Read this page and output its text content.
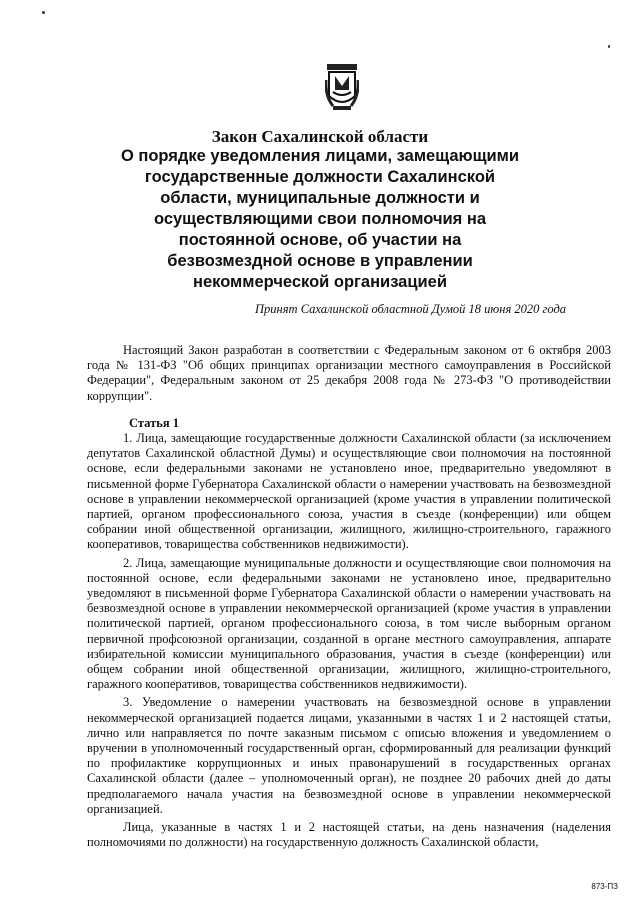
Закон Сахалинской области
О порядке уведомления лицами, замещающими государственные должности Сахалинской области, муниципальные должности и осуществляющими свои полномочия на постоянной основе, об участии на безвозмездной основе в управлении некоммерческой организацией
Принят Сахалинской областной Думой 18 июня 2020 года

Настоящий Закон разработан в соответствии с Федеральным законом от 6 октября 2003 года № 131-ФЗ "Об общих принципах организации местного самоуправления в Российской Федерации", Федеральным законом от 25 декабря 2008 года № 273-ФЗ "О противодействии коррупции".

Статья 1

1. Лица, замещающие государственные должности Сахалинской области (за исключением депутатов Сахалинской областной Думы) и осуществляющие свои полномочия на постоянной основе, если федеральными законами не установлено иное, предварительно уведомляют в письменной форме Губернатора Сахалинской области о намерении участвовать на безвозмездной основе в управлении некоммерческой организацией (кроме участия в управлении политической партией, органом профессионального союза, участия в съезде (конференции) или общем собрании иной общественной организации, жилищного, жилищно-строительного, гаражного кооперативов, товарищества собственников недвижимости).

2. Лица, замещающие муниципальные должности и осуществляющие свои полномочия на постоянной основе, если федеральными законами не установлено иное, предварительно уведомляют в письменной форме Губернатора Сахалинской области о намерении участвовать на безвозмездной основе в управлении некоммерческой организацией (кроме участия в управлении политической партией, органом профессионального союза, в том числе выборным органом первичной профсоюзной организации, созданной в органе местного самоуправления, аппарате избирательной комиссии муниципального образования, участия в съезде (конференции) или общем собрании иной общественной организации, жилищного, жилищно-строительного, гаражного кооперативов, товарищества собственников недвижимости).

3. Уведомление о намерении участвовать на безвозмездной основе в управлении некоммерческой организацией подается лицами, указанными в частях 1 и 2 настоящей статьи, лично или направляется по почте заказным письмом с описью вложения и уведомлением о вручении в уполномоченный государственный орган, сформированный для реализации функций по профилактике коррупционных и иных правонарушений в государственных органах Сахалинской области (далее – уполномоченный орган), не позднее 20 рабочих дней до даты предполагаемого начала участия на безвозмездной основе в управлении некоммерческой организацией.

Лица, указанные в частях 1 и 2 настоящей статьи, на день назначения (наделения полномочиями по должности) на государственную должность Сахалинской области,

873-ПЗ
